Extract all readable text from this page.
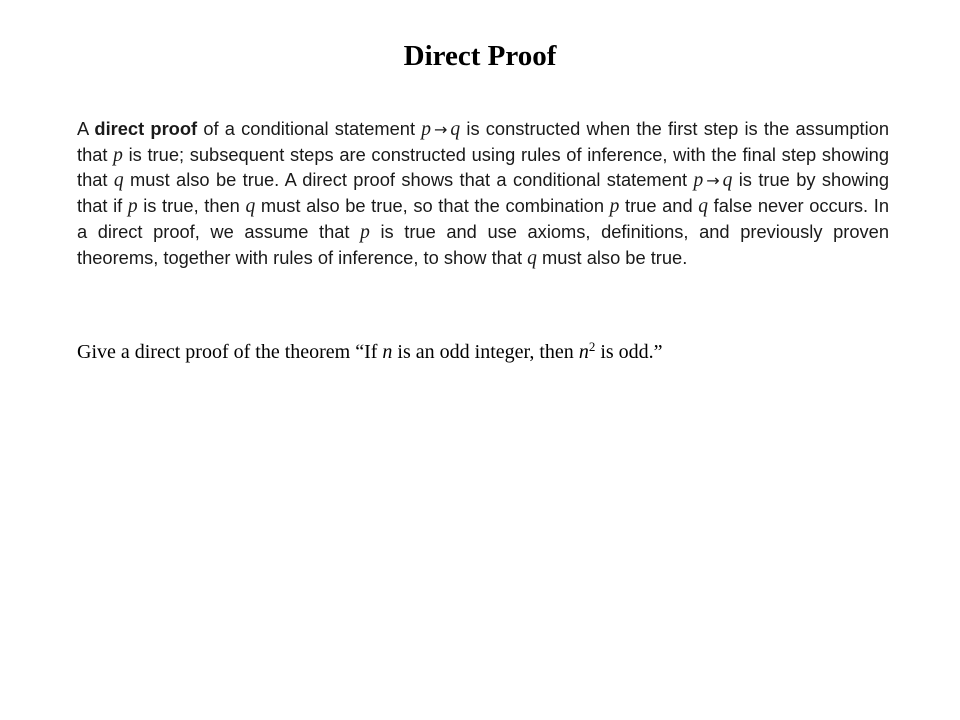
Direct Proof
A direct proof of a conditional statement p → q is constructed when the first step is the assumption that p is true; subsequent steps are constructed using rules of inference, with the final step showing that q must also be true. A direct proof shows that a conditional statement p → q is true by showing that if p is true, then q must also be true, so that the combination p true and q false never occurs. In a direct proof, we assume that p is true and use axioms, definitions, and previously proven theorems, together with rules of inference, to show that q must also be true.
Give a direct proof of the theorem “If n is an odd integer, then $n^2$ is odd.”
